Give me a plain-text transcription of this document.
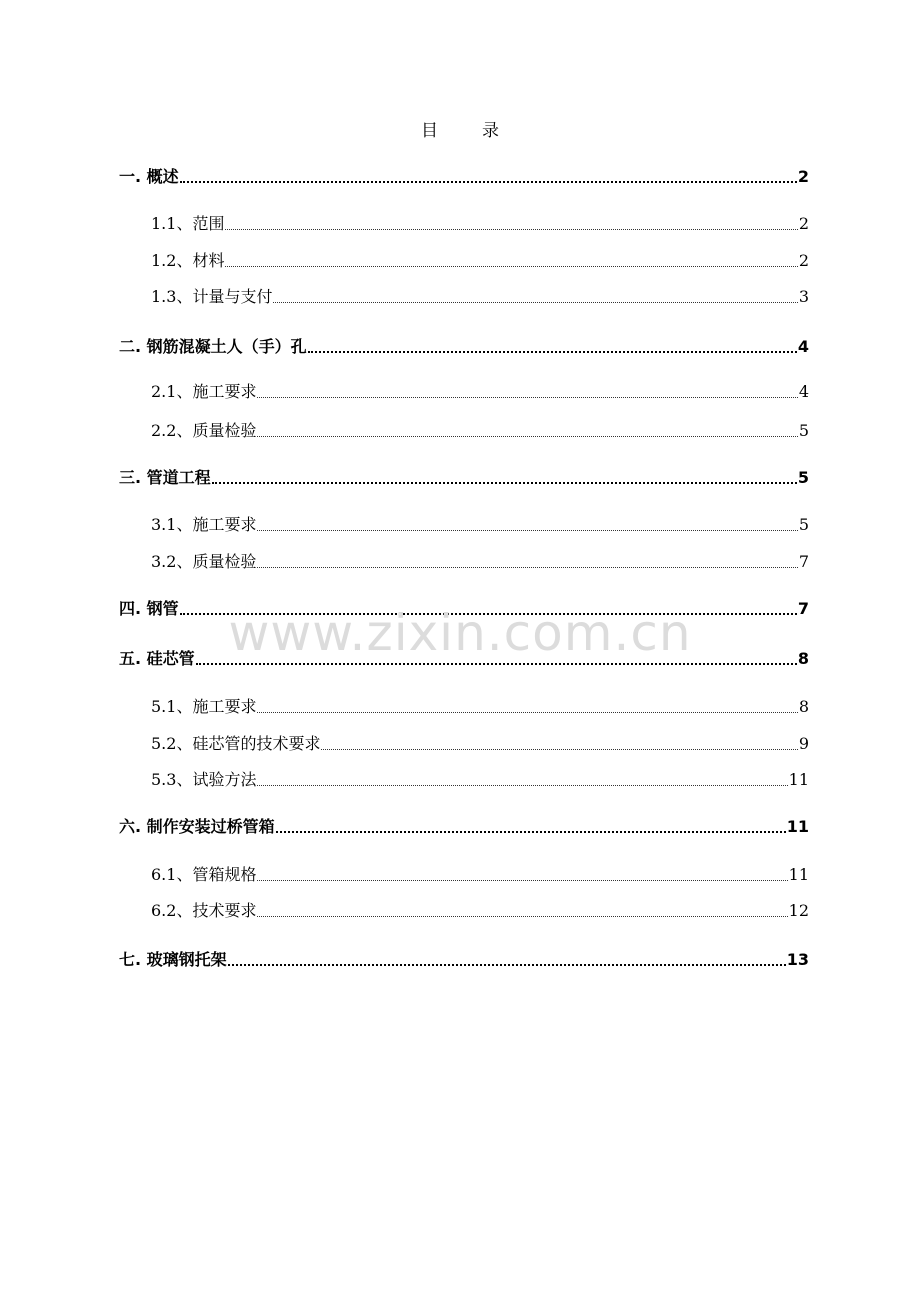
目	录
一. 概述	2
1.1、范围	2
1.2、材料	2
1.3、计量与支付	3
二. 钢筋混凝土人（手）孔	4
2.1、施工要求	4
2.2、质量检验	5
三. 管道工程	5
3.1、施工要求	5
3.2、质量检验	7
四. 钢管	7
五. 硅芯管	8
5.1、施工要求	8
5.2、硅芯管的技术要求	9
5.3、试验方法	11
六. 制作安装过桥管箱	11
6.1、管箱规格	11
6.2、技术要求	12
七. 玻璃钢托架	13
www.zixin.com.cn
